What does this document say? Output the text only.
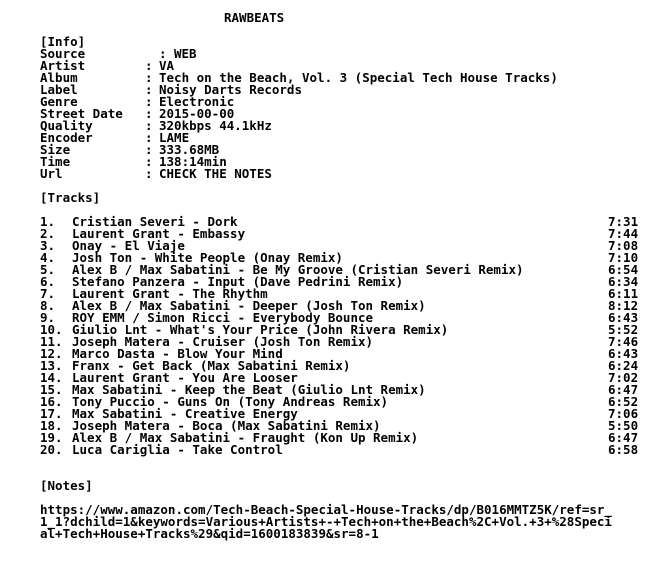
RAWBEATS
[Info]
Source	: WEB
Artist	: VA
Album	: Tech on the Beach, Vol. 3 (Special Tech House Tracks)
Label	: Noisy Darts Records
Genre	: Electronic
Street Date : 2015-00-00
Quality	: 320kbps 44.1kHz
Encoder	: LAME
Size	: 333.68MB
Time	: 138:14min
Url	: CHECK THE NOTES
[Tracks]
1. Cristian Severi - Dork	7:31
2. Laurent Grant - Embassy	7:44
3. Onay - El Viaje	7:08
4. Josh Ton - White People (Onay Remix)	7:10
5. Alex B / Max Sabatini - Be My Groove (Cristian Severi Remix)	6:54
6. Stefano Panzera - Input (Dave Pedrini Remix)	6:34
7. Laurent Grant - The Rhythm	6:11
8. Alex B / Max Sabatini - Deeper (Josh Ton Remix)	8:12
9. ROY EMM / Simon Ricci - Everybody Bounce	6:43
10. Giulio Lnt - What's Your Price (John Rivera Remix)	5:52
11. Joseph Matera - Cruiser (Josh Ton Remix)	7:46
12. Marco Dasta - Blow Your Mind	6:43
13. Franx - Get Back (Max Sabatini Remix)	6:24
14. Laurent Grant - You Are Looser	7:02
15. Max Sabatini - Keep the Beat (Giulio Lnt Remix)	6:47
16. Tony Puccio - Guns On (Tony Andreas Remix)	6:52
17. Max Sabatini - Creative Energy	7:06
18. Joseph Matera - Boca (Max Sabatini Remix)	5:50
19. Alex B / Max Sabatini - Fraught (Kon Up Remix)	6:47
20. Luca Cariglia - Take Control	6:58
[Notes]
https://www.amazon.com/Tech-Beach-Special-House-Tracks/dp/B016MMTZ5K/ref=sr_
1_1?dchild=1&keywords=Various+Artists+-+Tech+on+the+Beach%2C+Vol.+3+%28Speci
al+Tech+House+Tracks%29&qid=1600183839&sr=8-1
